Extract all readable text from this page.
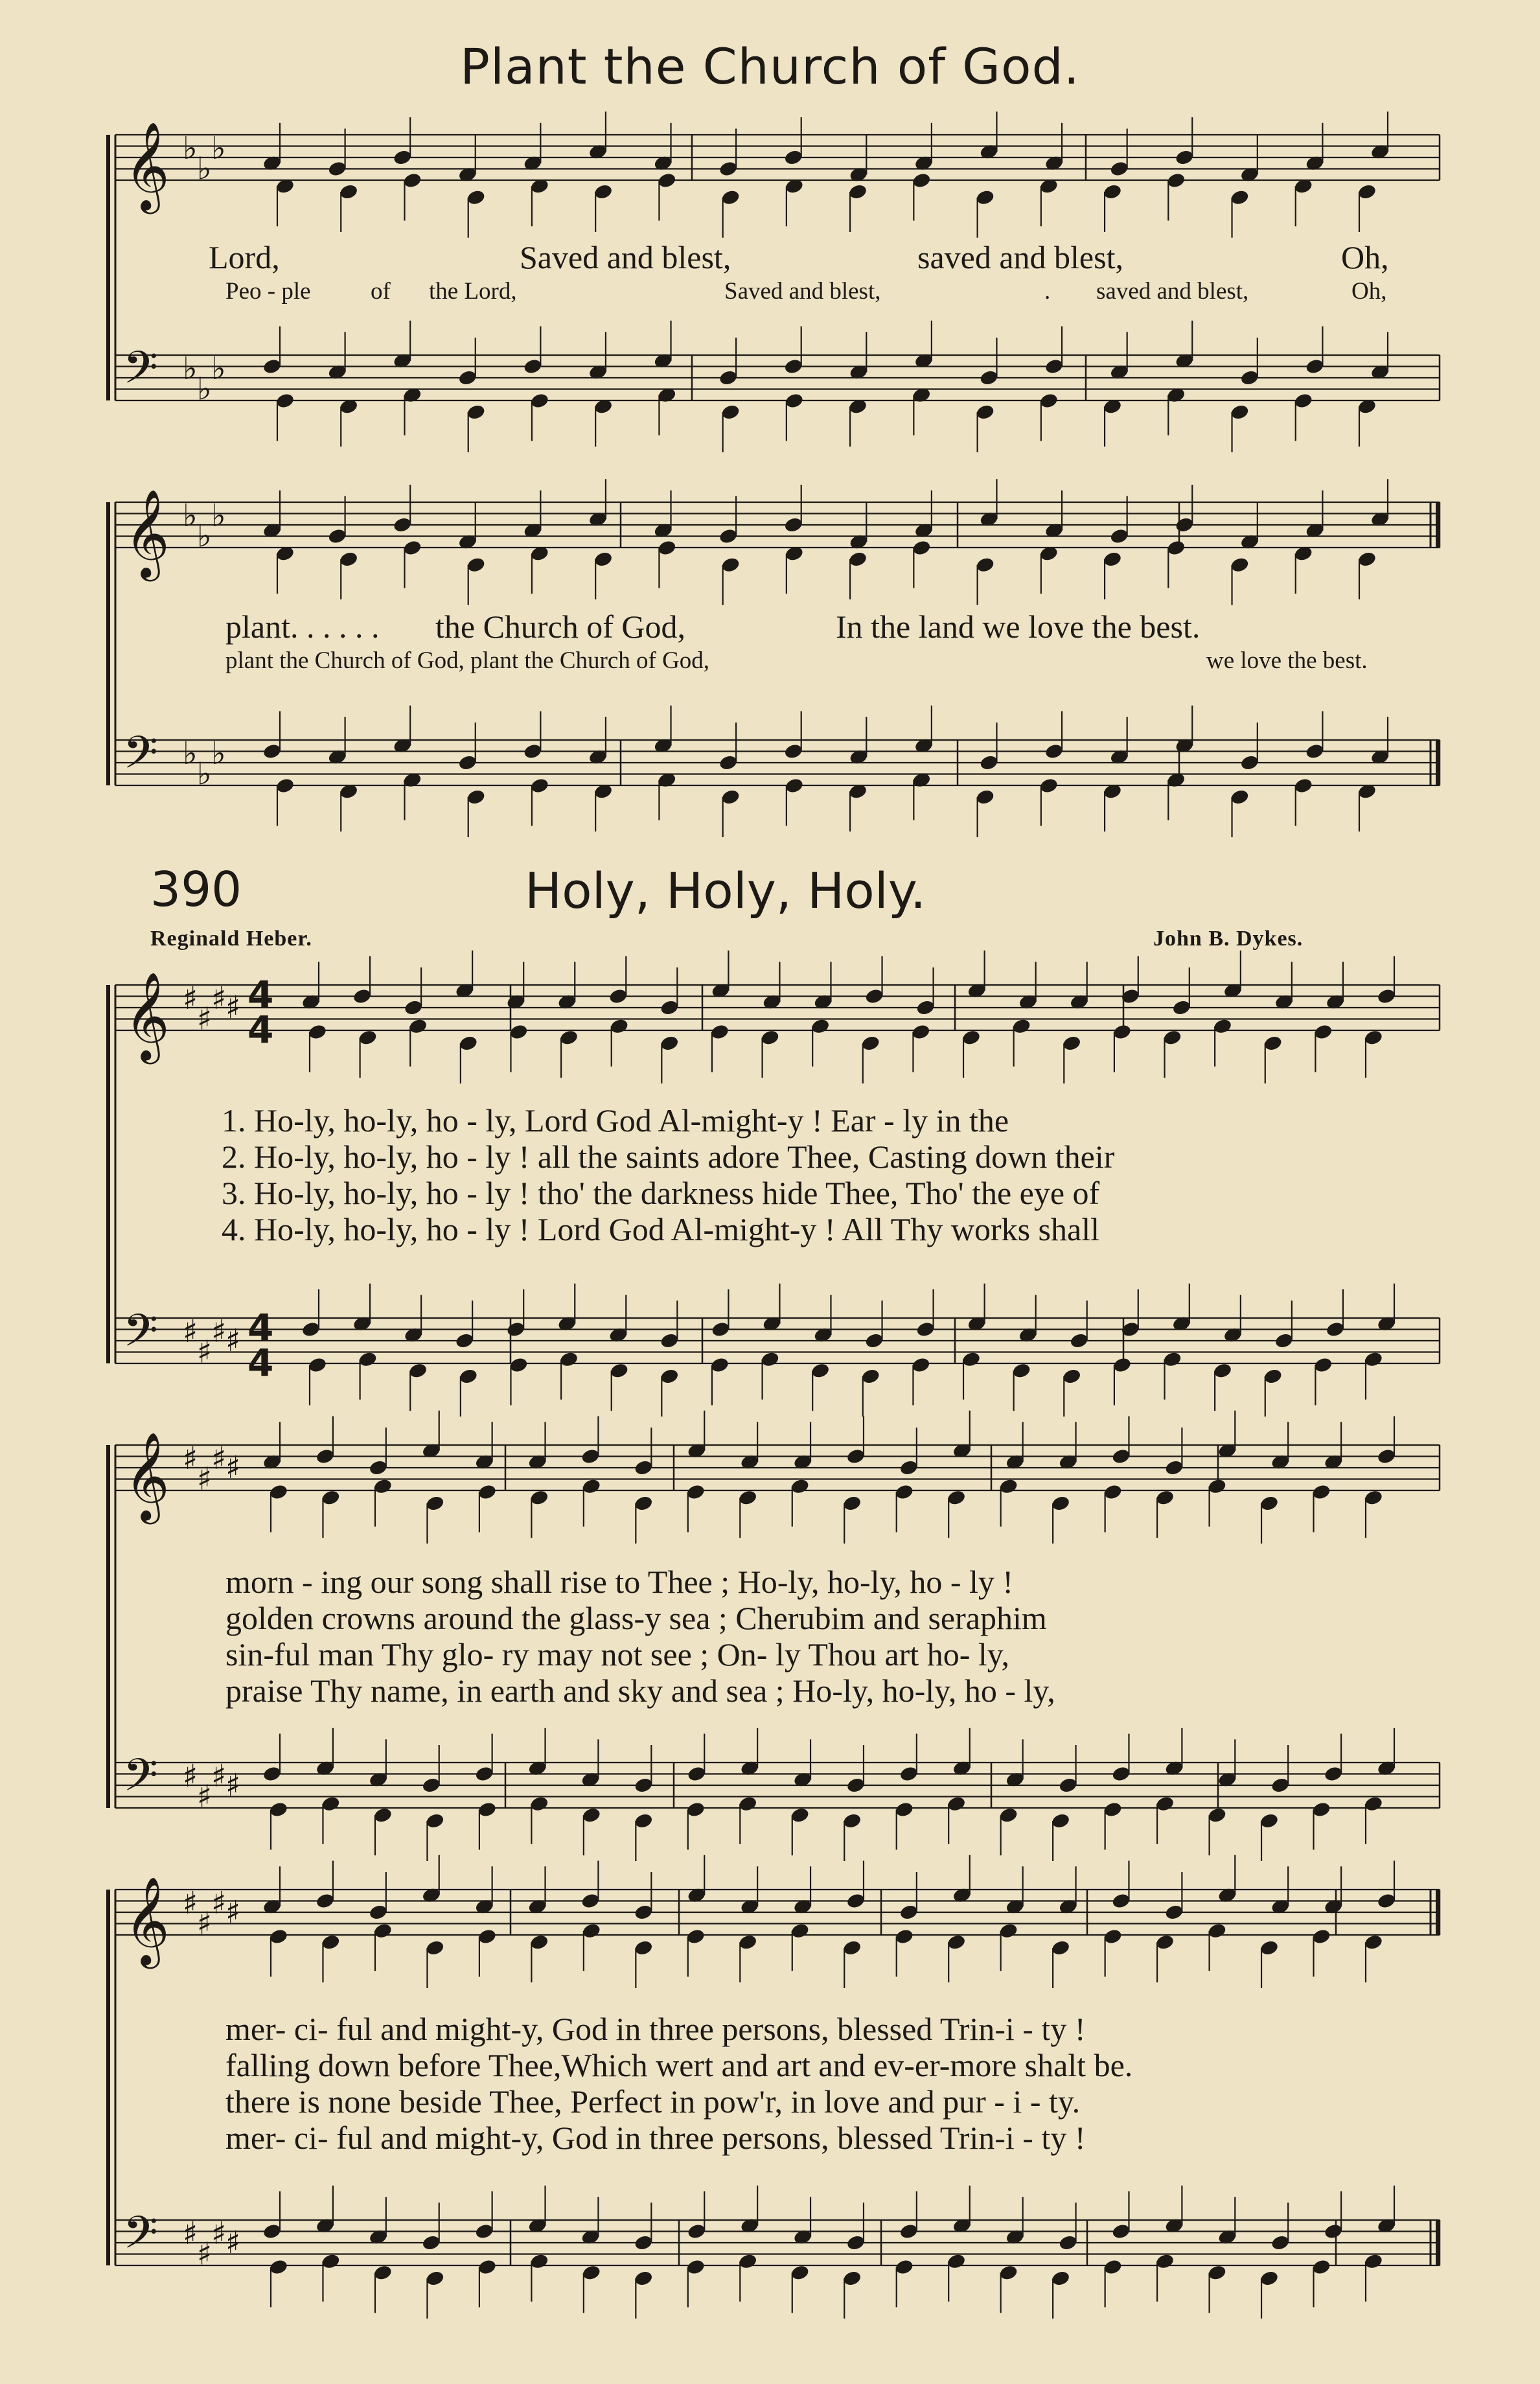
𝄞
𝄢
♭
♭
♭
♭
♭
♭
𝄞
𝄢
♭
♭
♭
♭
♭
♭
𝄞
𝄢
♯
♯
♯
♯
♯
♯
♯
♯
𝄞
𝄢
♯
♯
♯
♯
♯
♯
♯
♯
𝄞
𝄢
♯
♯
♯
♯
♯
♯
♯
♯
Plant the Church of God.
Lord,	Saved and blest,	saved and blest,	Oh,
Peo - ple of the Lord,	Saved and blest,	. saved and blest,	Oh,
plant. . . . . . the Church of God,	In the land we love the best.
plant the Church of God, plant the Church of God,	we love the best.
390	Holy, Holy, Holy.
Reginald Heber.	John B. Dykes.
1. Ho-ly, ho-ly, ho - ly, Lord God Al-might-y ! Ear - ly in the
2. Ho-ly, ho-ly, ho - ly ! all the saints adore Thee, Casting down their
3. Ho-ly, ho-ly, ho - ly ! tho' the darkness hide Thee, Tho' the eye of
4. Ho-ly, ho-ly, ho - ly ! Lord God Al-might-y ! All Thy works shall
morn - ing our song shall rise to Thee ; Ho-ly, ho-ly, ho - ly !
golden crowns around the glass-y sea ; Cherubim and seraphim
sin-ful man Thy glo- ry may not see ; On- ly Thou art ho- ly,
praise Thy name, in earth and sky and sea ; Ho-ly, ho-ly, ho - ly,
mer- ci- ful and might-y, God in three persons, blessed Trin-i - ty !
falling down before Thee,Which wert and art and ev-er-more shalt be.
there is none beside Thee, Perfect in pow'r, in love and pur - i - ty.
mer- ci- ful and might-y, God in three persons, blessed Trin-i - ty !
4
4
4
4
